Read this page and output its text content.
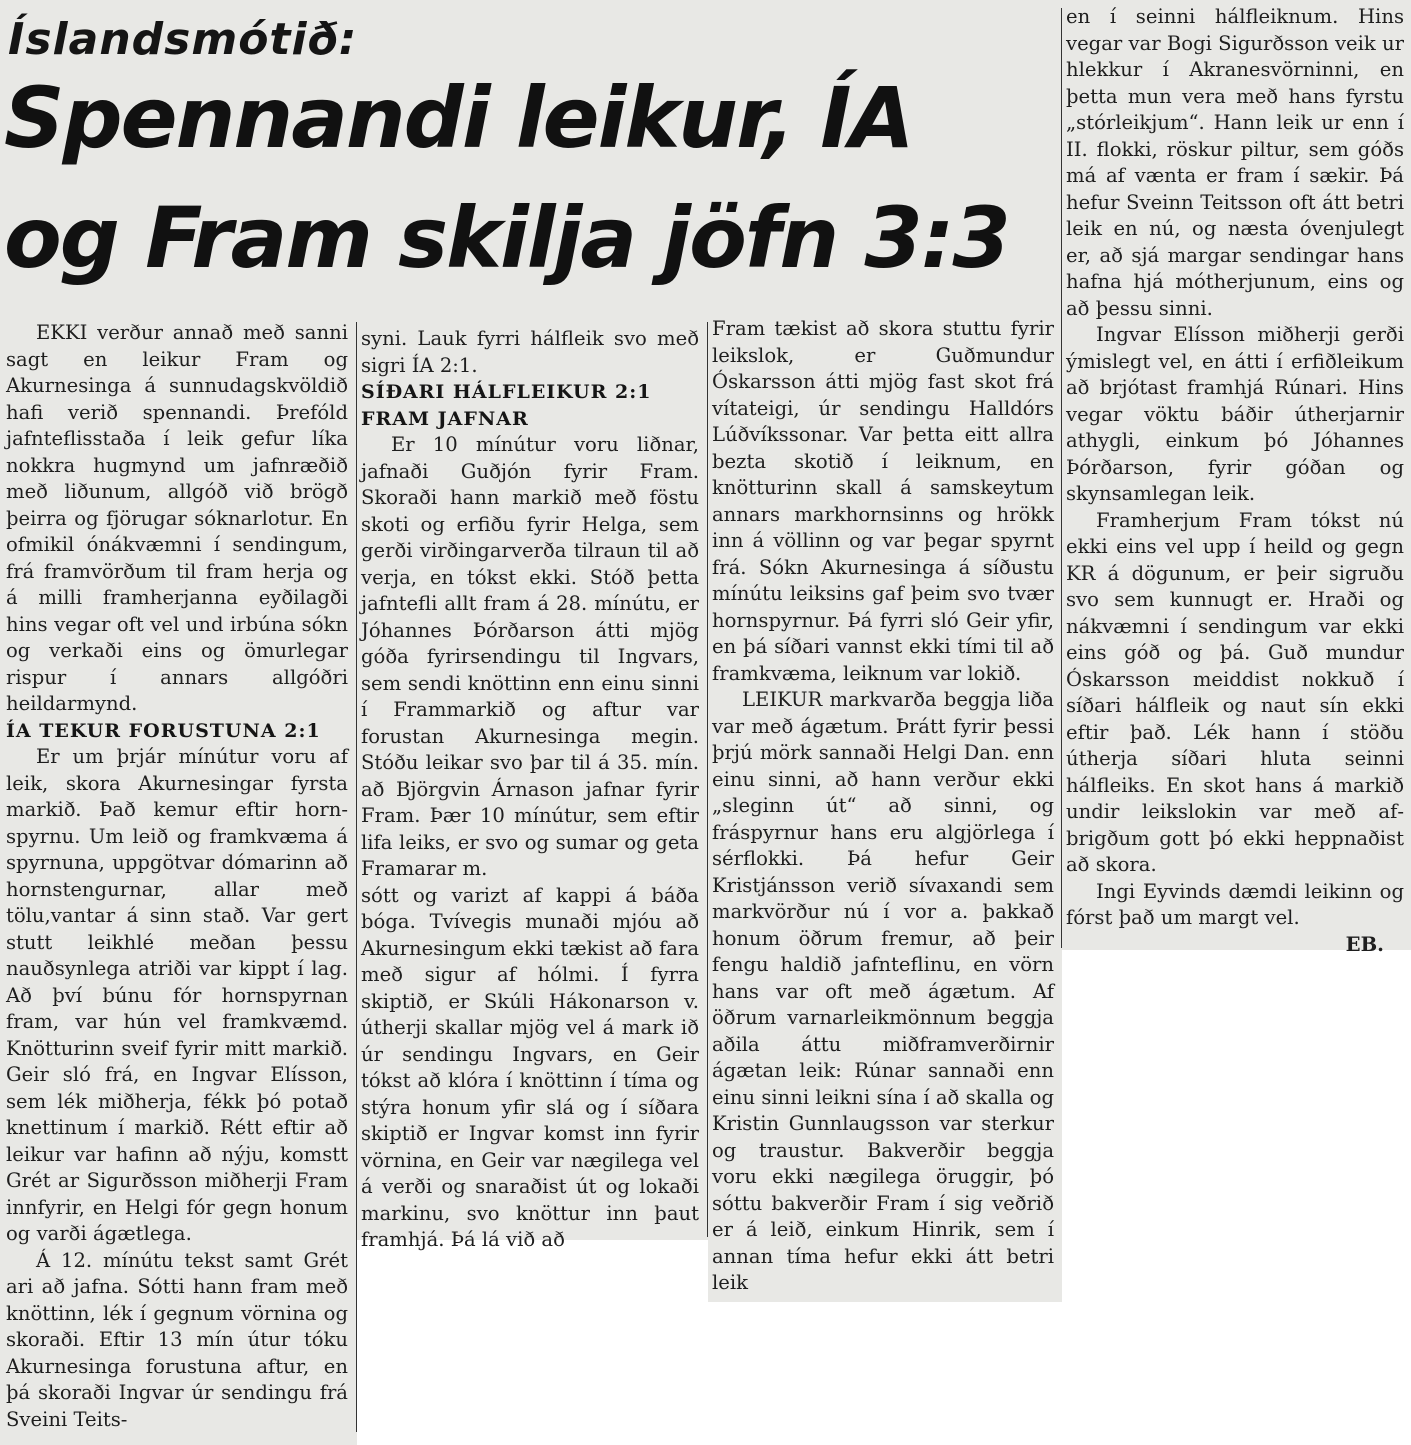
Íslandsmótið:
Spennandi leikur, ÍA
og Fram skilja jöfn 3:3

EKKI verður annað með sanni sagt en leikur Fram og Akurnesinga á sunnudagskvöldið hafi verið spennandi. Þrefóld jafnteflisstaða í leik gefur líka nokkra hugmynd um jafnræðið með liðunum, allgóð við brögð þeirra og fjörugar sóknarlotur. En ofmikil ónákvæmni í sendingum, frá framvörðum til fram herja og á milli framherjanna eyðilagði hins vegar oft vel und irbúna sókn og verkaði eins og ömurlegar rispur í annars allgóðri heildarmynd.

ÍA TEKUR FORUSTUNA 2:1

Er um þrjár mínútur voru af leik, skora Akurnesingar fyrsta markið. Það kemur eftir hornspyrnu. Um leið og framkvæma á spyrnuna, uppgötvar dómarinn að hornstengurnar, allar með tölu,vantar á sinn stað. Var gert stutt leikhlé meðan þessu nauðsynlega atriði var kippt í lag. Að því búnu fór hornspyrnan fram, var hún vel framkvæmd. Knötturinn sveif fyrir mitt markið. Geir sló frá, en Ingvar Elísson, sem lék miðherja, fékk þó potað knettinum í markið. Rétt eftir að leikur var hafinn að nýju, komstt Grét ar Sigurðsson miðherji Fram innfyrir, en Helgi fór gegn honum og varði ágætlega.

Á 12. mínútu tekst samt Grét ari að jafna. Sótti hann fram með knöttinn, lék í gegnum vörnina og skoraði. Eftir 13 mín útur tóku Akurnesinga forustuna aftur, en þá skoraði Ingvar úr sendingu frá Sveini Teits-

syni. Lauk fyrri hálfleik svo með sigri ÍA 2:1.

SÍÐARI HÁLFLEIKUR 2:1
FRAM JAFNAR

Er 10 mínútur voru liðnar, jafnaði Guðjón fyrir Fram. Skoraði hann markið með föstu skoti og erfiðu fyrir Helga, sem gerði virðingarverða tilraun til að verja, en tókst ekki. Stóð þetta jafntefli allt fram á 28. mínútu, er Jóhannes Þórðarson átti mjög góða fyrirsendingu til Ingvars, sem sendi knöttinn enn einu sinni í Frammarkið og aftur var forustan Akurnesinga megin. Stóðu leikar svo þar til á 35. mín. að Björgvin Árnason jafnar fyrir Fram. Þær 10 mínútur, sem eftir lifa leiks, er svo og sumar og geta Framarar m.

sótt og varizt af kappi á báða bóga. Tvívegis munaði mjóu að Akurnesingum ekki tækist að fara með sigur af hólmi. Í fyrra skiptið, er Skúli Hákonarson v. útherji skallar mjög vel á mark ið úr sendingu Ingvars, en Geir tókst að klóra í knöttinn í tíma og stýra honum yfir slá og í síðara skiptið er Ingvar komst inn fyrir vörnina, en Geir var nægilega vel á verði og snaraðist út og lokaði markinu, svo knöttur inn þaut framhjá. Þá lá við að

Fram tækist að skora stuttu fyrir leikslok, er Guðmundur Óskarsson átti mjög fast skot frá vítateigi, úr sendingu Halldórs Lúðvíkssonar. Var þetta eitt allra bezta skotið í leiknum, en knötturinn skall á samskeytum annars markhornsinns og hrökk inn á völlinn og var þegar spyrnt frá. Sókn Akurnesinga á síðustu mínútu leiksins gaf þeim svo tvær hornspyrnur. Þá fyrri sló Geir yfir, en þá síðari vannst ekki tími til að framkvæma, leiknum var lokið.

LEIKUR markvarða beggja liða var með ágætum. Þrátt fyrir þessi þrjú mörk sannaði Helgi Dan. enn einu sinni, að hann verður ekki „sleginn út“ að sinni, og fráspyrnur hans eru algjörlega í sérflokki. Þá hefur Geir Kristjánsson verið sívaxandi sem markvörður nú í vor a. þakkað honum öðrum fremur, að þeir fengu haldið jafnteflinu, en vörn hans var oft með ágætum. Af öðrum varnarleikmönnum beggja aðila áttu miðframverðirnir ágætan leik: Rúnar sannaði enn einu sinni leikni sína í að skalla og Kristin Gunnlaugsson var sterkur og traustur. Bakverðir beggja voru ekki nægilega öruggir, þó sóttu bakverðir Fram í sig veðrið er á leið, einkum Hinrik, sem í annan tíma hefur ekki átt betri leik

en í seinni hálfleiknum. Hins vegar var Bogi Sigurðsson veik ur hlekkur í Akranesvörninni, en þetta mun vera með hans fyrstu „stórleikjum“. Hann leik ur enn í II. flokki, röskur piltur, sem góðs má af vænta er fram í sækir. Þá hefur Sveinn Teitsson oft átt betri leik en nú, og næsta óvenjulegt er, að sjá margar sendingar hans hafna hjá mótherjunum, eins og að þessu sinni.

Ingvar Elísson miðherji gerði ýmislegt vel, en átti í erfiðleikum að brjótast framhjá Rúnari. Hins vegar vöktu báðir útherjarnir athygli, einkum þó Jóhannes Þórðarson, fyrir góðan og skynsamlegan leik.

Framherjum Fram tókst nú ekki eins vel upp í heild og gegn KR á dögunum, er þeir sigruðu svo sem kunnugt er. Hraði og nákvæmni í sendingum var ekki eins góð og þá. Guð mundur Óskarsson meiddist nokkuð í síðari hálfleik og naut sín ekki eftir það. Lék hann í stöðu útherja síðari hluta seinni hálfleiks. En skot hans á markið undir leikslokin var með afbrigðum gott þó ekki heppnaðist að skora.

Ingi Eyvinds dæmdi leikinn og fórst það um margt vel.

EB.
